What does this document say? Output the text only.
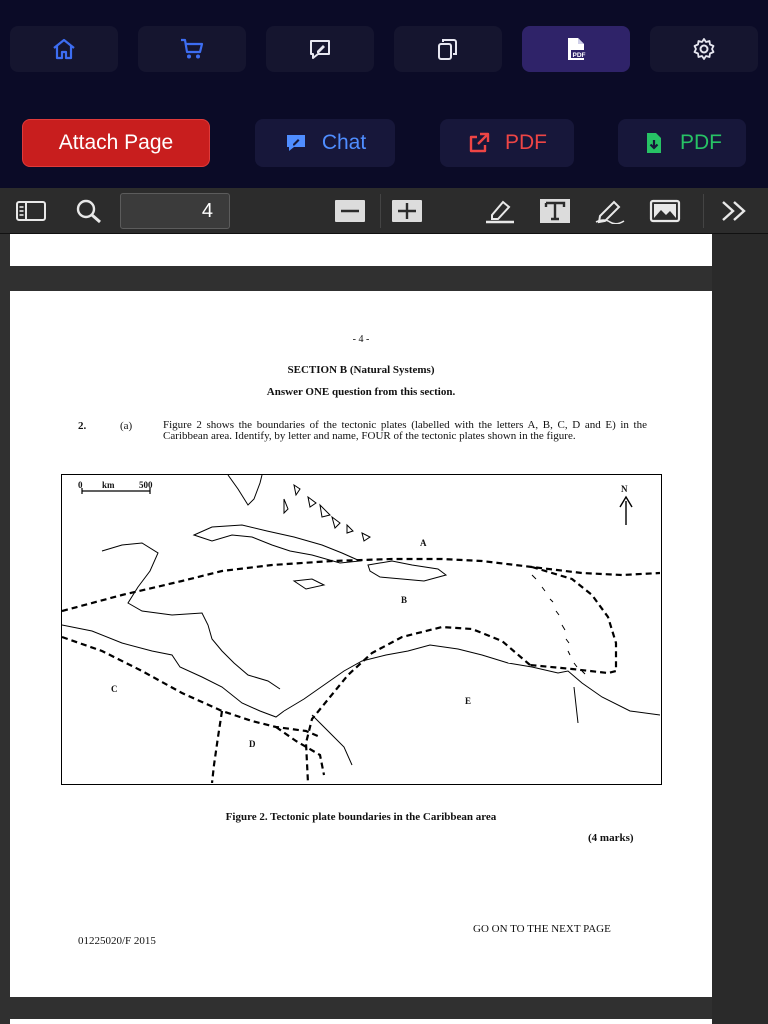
PDF
Attach Page	Chat	PDF	PDF
4
- 4 -
SECTION B (Natural Systems)
Answer ONE question from this section.
2.	(a)	Figure 2 shows the boundaries of the tectonic plates (labelled with the letters A, B, C, D and E) in the Caribbean area. Identify, by letter and name, FOUR of the tectonic plates shown in the figure.
0 km	500	N
A
B
C
D
E
Figure 2. Tectonic plate boundaries in the Caribbean area
(4 marks)
GO ON TO THE NEXT PAGE
01225020/F 2015
